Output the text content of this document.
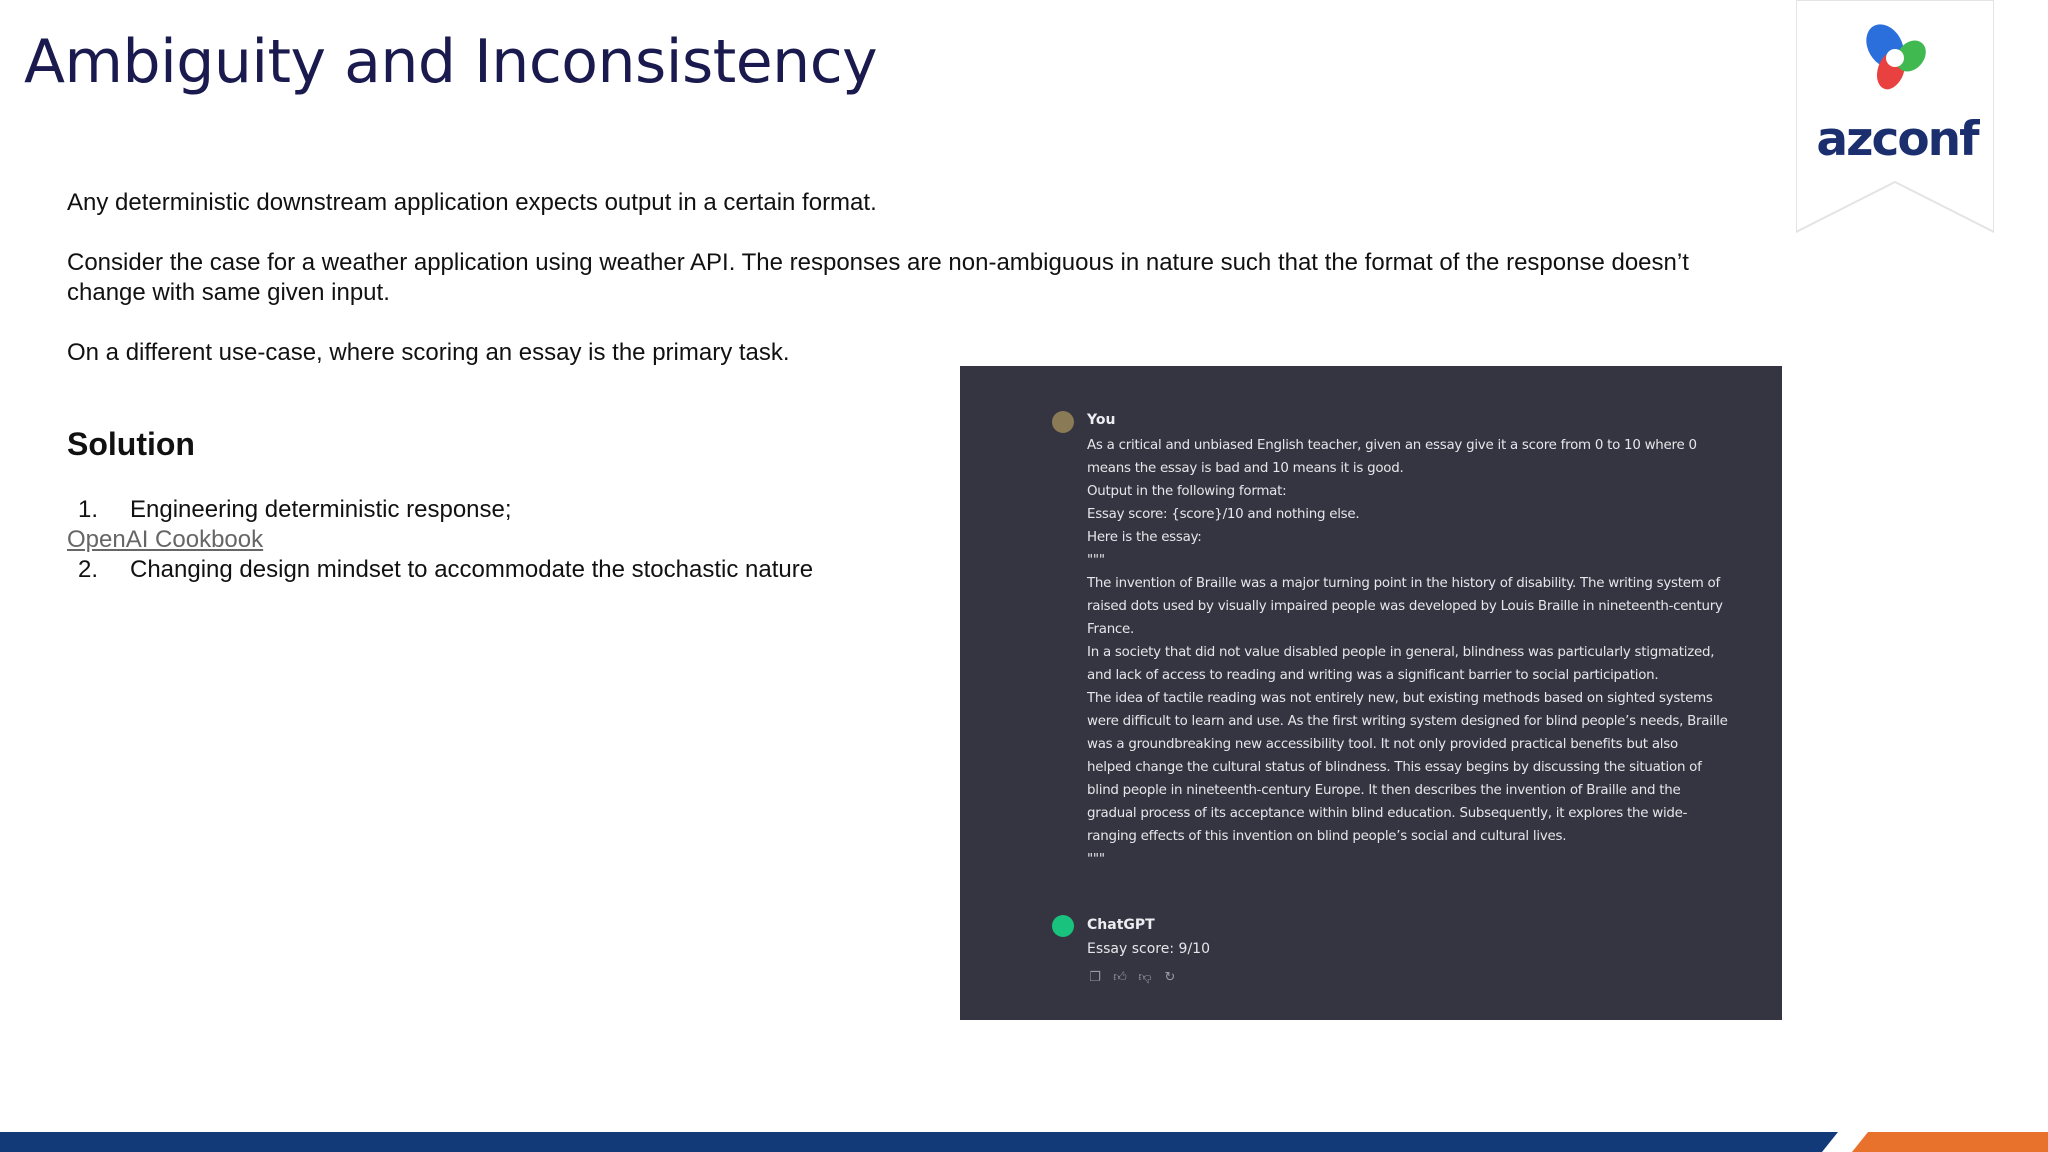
Ambiguity and Inconsistency
azconf
Any deterministic downstream application expects output in a certain format.
Consider the case for a weather application using weather API. The responses are non-ambiguous in nature such that the format of the response doesn’t change with same given input.
On a different use-case, where scoring an essay is the primary task.
Solution
1. Engineering deterministic response;
OpenAI Cookbook
2. Changing design mindset to accommodate the stochastic nature
You
As a critical and unbiased English teacher, given an essay give it a score from 0 to 10 where 0
means the essay is bad and 10 means it is good.
Output in the following format:
Essay score: {score}/10 and nothing else.
Here is the essay:
"""
The invention of Braille was a major turning point in the history of disability. The writing system of
raised dots used by visually impaired people was developed by Louis Braille in nineteenth-century
France.
In a society that did not value disabled people in general, blindness was particularly stigmatized,
and lack of access to reading and writing was a significant barrier to social participation.
The idea of tactile reading was not entirely new, but existing methods based on sighted systems
were difficult to learn and use. As the first writing system designed for blind people’s needs, Braille
was a groundbreaking new accessibility tool. It not only provided practical benefits but also
helped change the cultural status of blindness. This essay begins by discussing the situation of
blind people in nineteenth-century Europe. It then describes the invention of Braille and the
gradual process of its acceptance within blind education. Subsequently, it explores the wide-
ranging effects of this invention on blind people’s social and cultural lives.
"""
ChatGPT
Essay score: 9/10
❐ 👍︎ 👎︎ ↻
